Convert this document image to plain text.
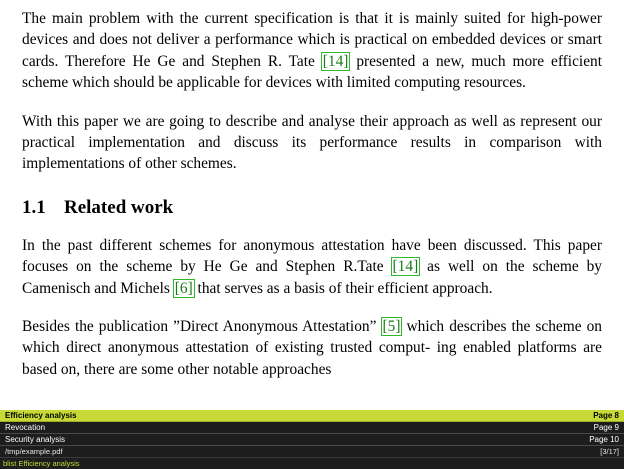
The main problem with the current specification is that it is mainly suited for high-power devices and does not deliver a performance which is practical on embedded devices or smart cards. Therefore He Ge and Stephen R. Tate [14] presented a new, much more efficient scheme which should be applicable for devices with limited computing resources.

With this paper we are going to describe and analyse their approach as well as represent our practical implementation and discuss its performance results in comparison with implementations of other schemes.

1.1 Related work

In the past different schemes for anonymous attestation have been discussed. This paper focuses on the scheme by He Ge and Stephen R.Tate [14] as well on the scheme by Camenisch and Michels [6] that serves as a basis of their efficient approach.

Besides the publication ”Direct Anonymous Attestation” [5] which describes the scheme on which direct anonymous attestation of existing trusted comput- ing enabled platforms are based on, there are some other notable approaches

Efficiency analysis	Page 8
Revocation	Page 9
Security analysis	Page 10
/tmp/example.pdf	[3/17]
blist Efficiency analysis
